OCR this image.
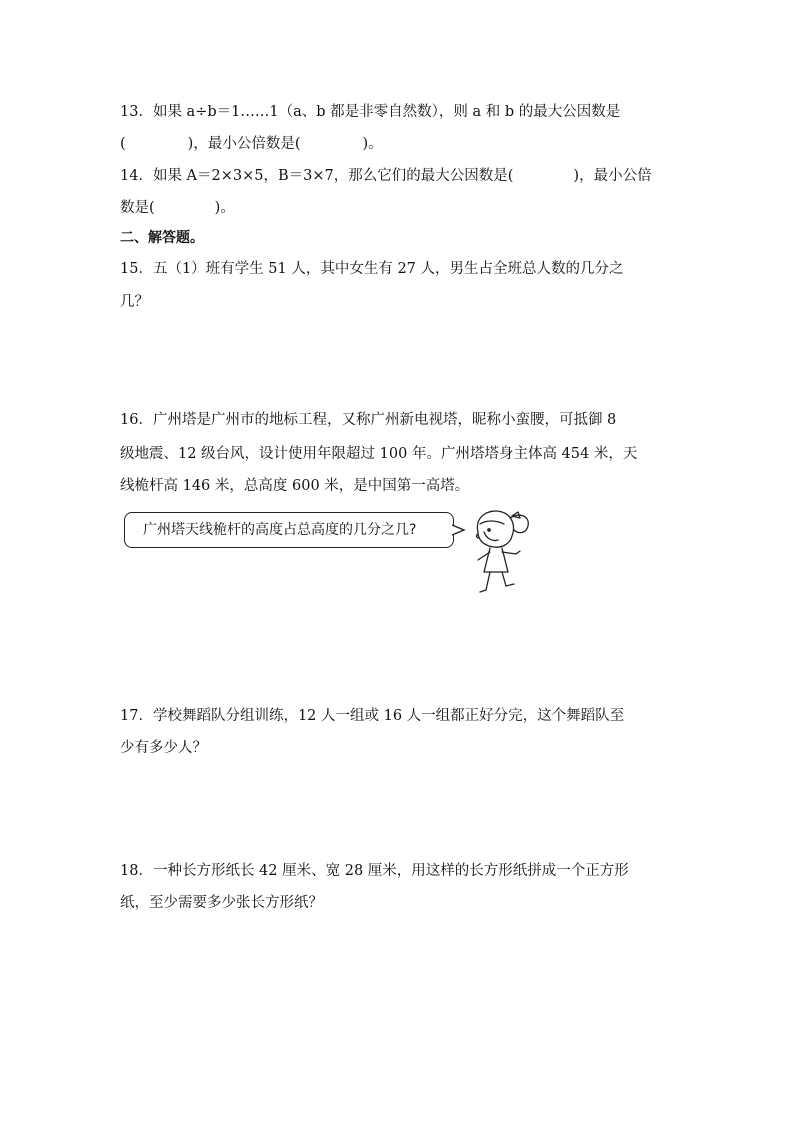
13．如果 a÷b＝1……1（a、b 都是非零自然数），则 a 和 b 的最大公因数是
(	)，最小公倍数是(	)。
14．如果 A＝2×3×5，B＝3×7，那么它们的最大公因数是(	)，最小公倍
数是(	)。
二、解答题。
15．五（1）班有学生 51 人，其中女生有 27 人，男生占全班总人数的几分之
几？
16．广州塔是广州市的地标工程，又称广州新电视塔，昵称小蛮腰，可抵御 8
级地震、12 级台风，设计使用年限超过 100 年。广州塔塔身主体高 454 米，天
线桅杆高 146 米，总高度 600 米，是中国第一高塔。
广州塔天线桅杆的高度占总高度的几分之几?
17．学校舞蹈队分组训练，12 人一组或 16 人一组都正好分完，这个舞蹈队至
少有多少人？
18．一种长方形纸长 42 厘米、宽 28 厘米，用这样的长方形纸拼成一个正方形
纸，至少需要多少张长方形纸？
